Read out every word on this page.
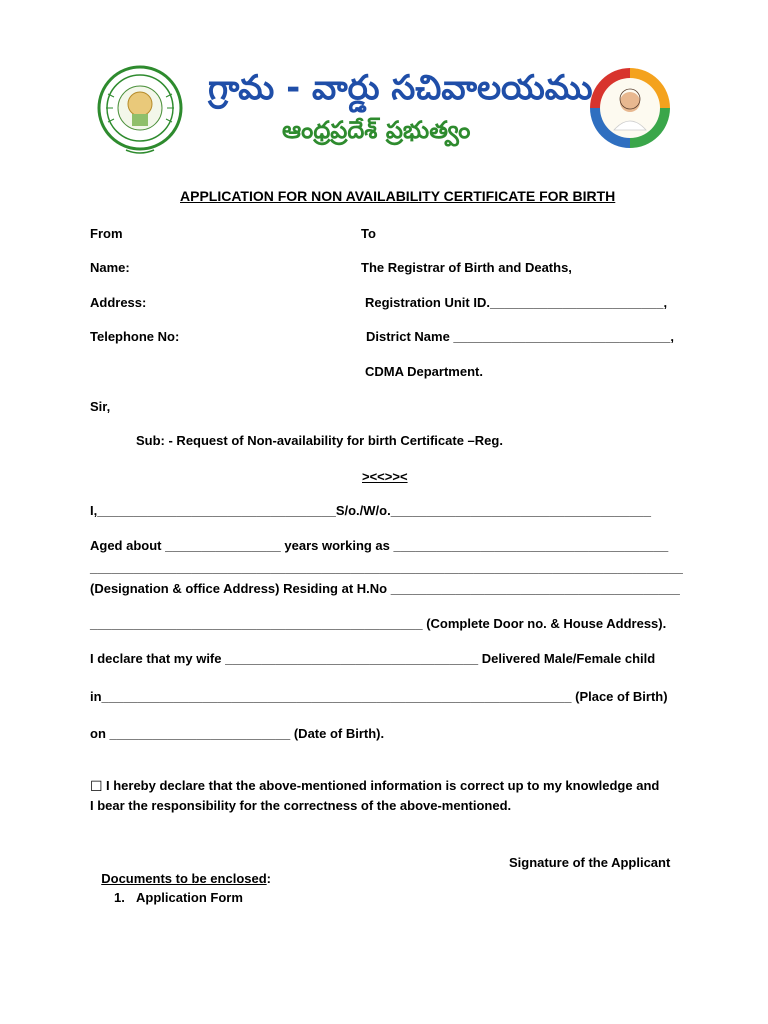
గ్రామ - వార్డు సచివాలయము
ఆంధ్రప్రదేశ్ ప్రభుత్వం
APPLICATION FOR NON AVAILABILITY CERTIFICATE FOR BIRTH
From	To
Name:	The Registrar of Birth and Deaths,
Address:	Registration Unit ID.________________________,
Telephone No:	District Name ______________________________,
CDMA Department.
Sir,
Sub: - Request of Non-availability for birth Certificate –Reg.
><<>><
I,_________________________________S/o./W/o.____________________________________
Aged about ________________ years working as ______________________________________
__________________________________________________________________________________
(Designation & office Address) Residing at H.No ________________________________________
______________________________________________ (Complete Door no. & House Address).
I declare that my wife ___________________________________ Delivered Male/Female child
in_________________________________________________________________ (Place of Birth)
on _________________________ (Date of Birth).
☐ I hereby declare that the above-mentioned information is correct up to my knowledge and
I bear the responsibility for the correctness of the above-mentioned.

Documents to be enclosed:

Signature of the Applicant
1. Application Form
